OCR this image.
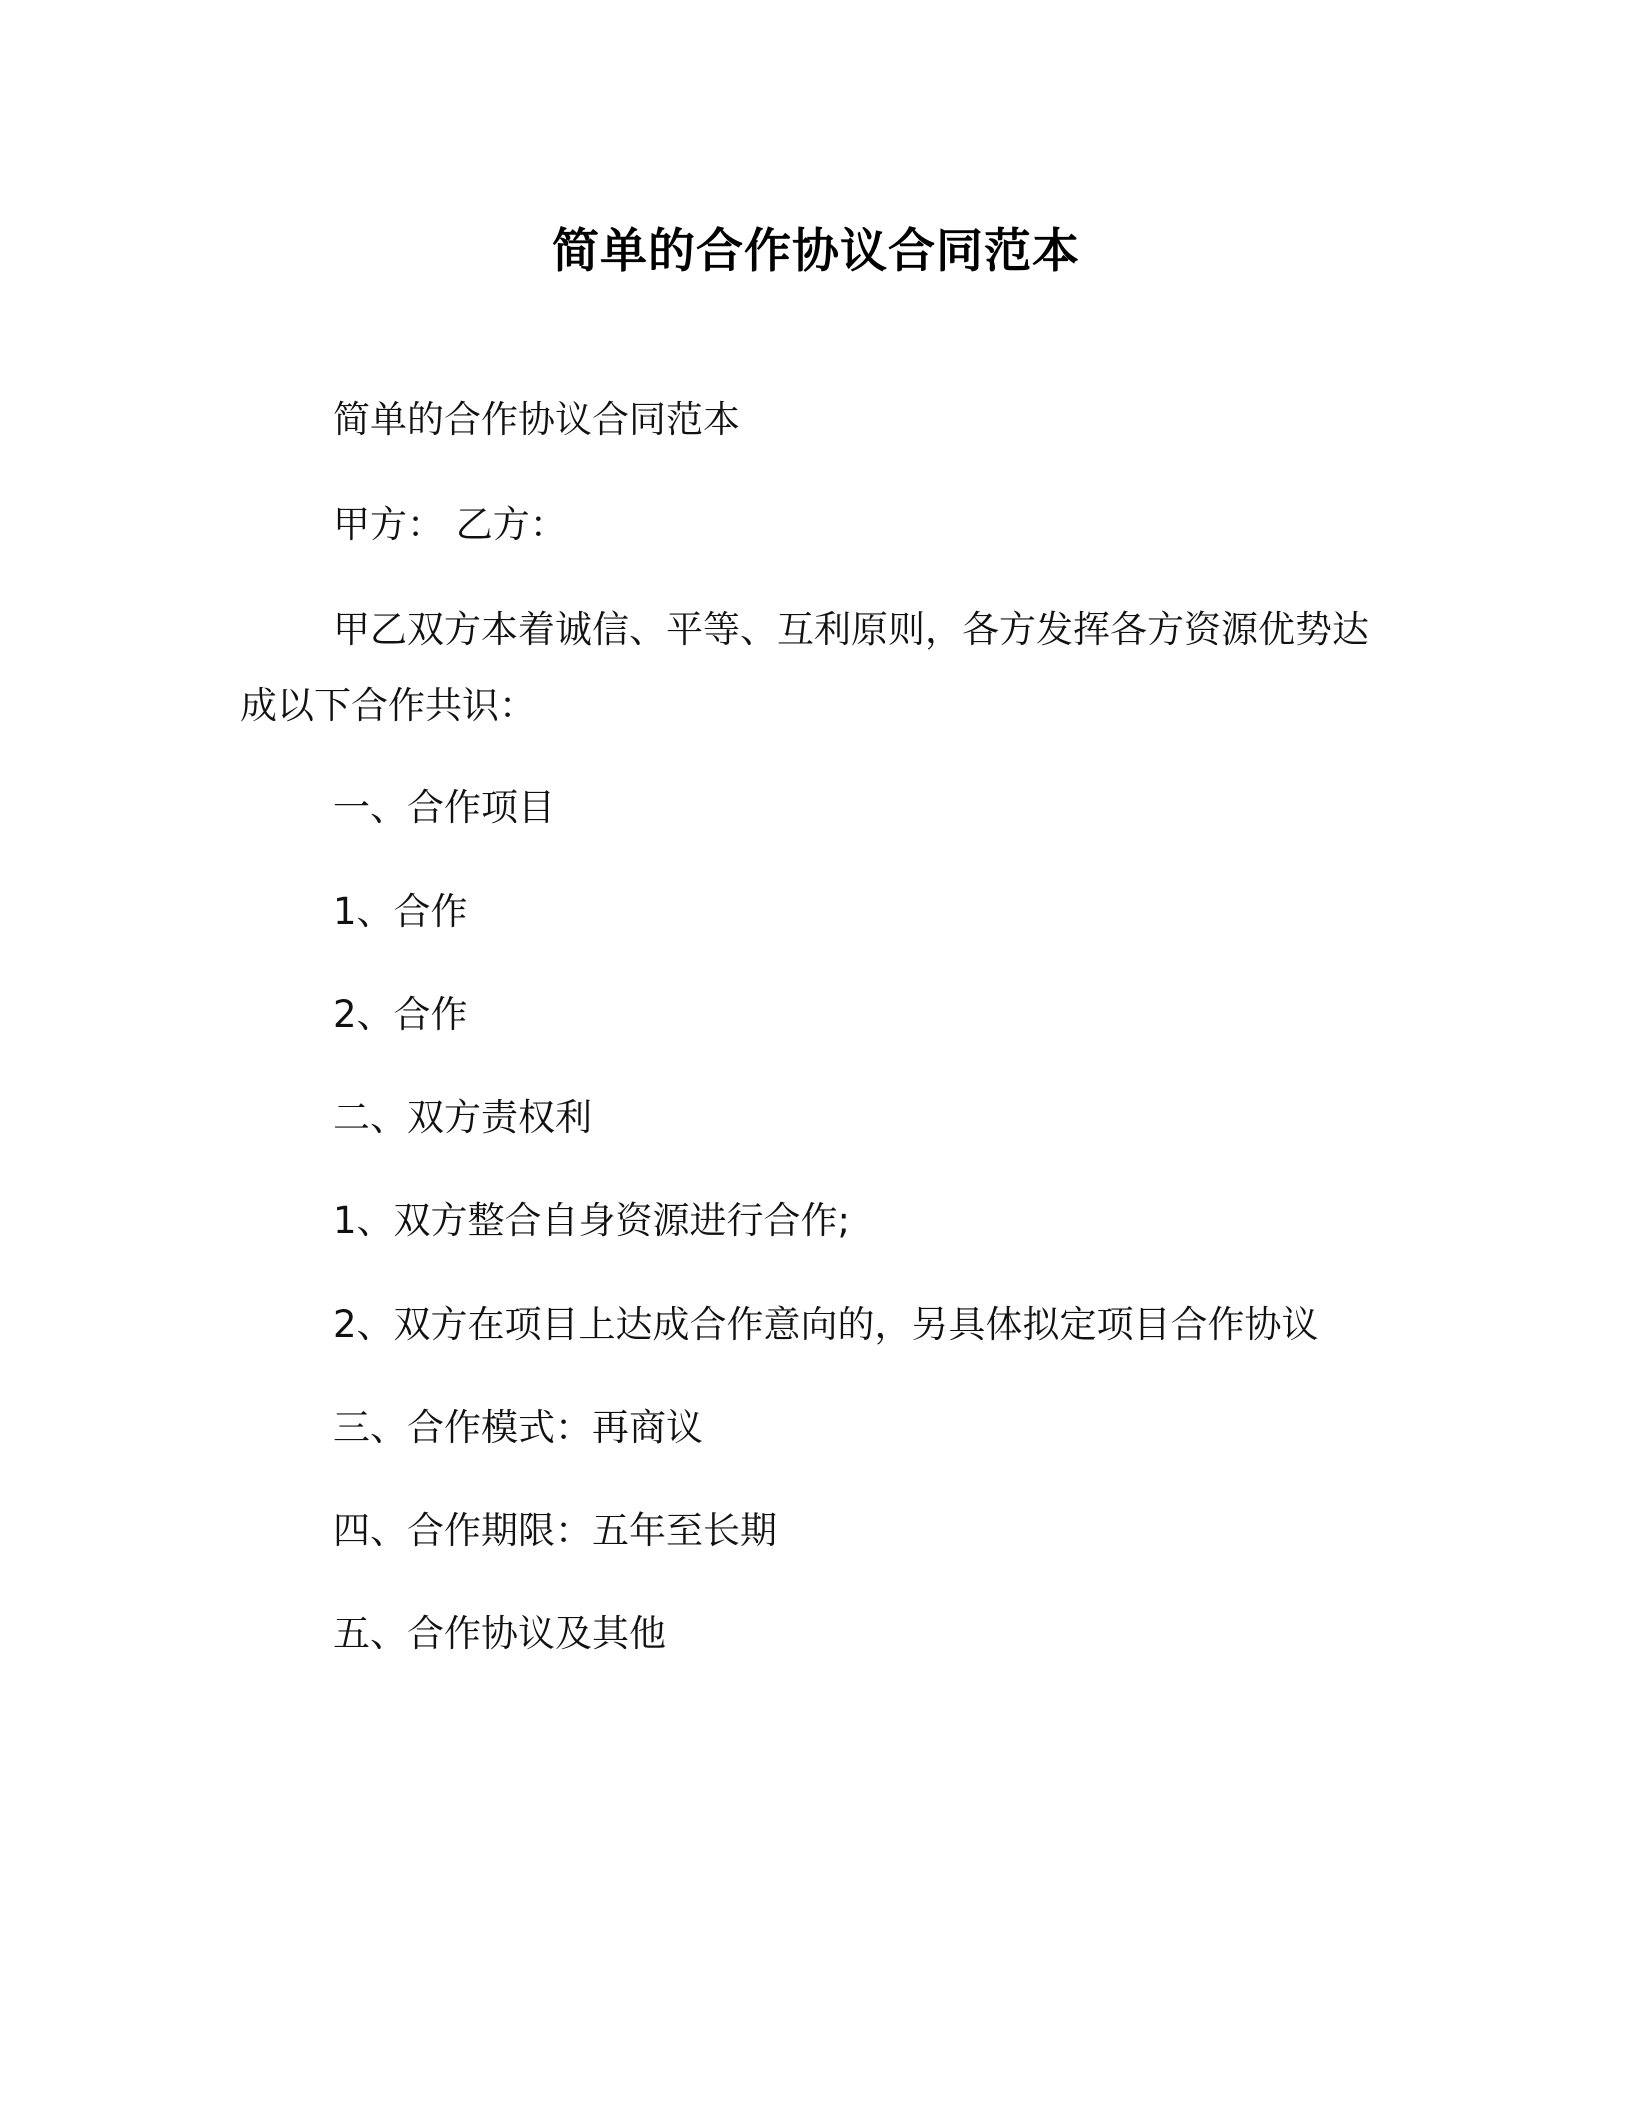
简单的合作协议合同范本
简单的合作协议合同范本
甲方： 乙方：
甲乙双方本着诚信、平等、互利原则，各方发挥各方资源优势达成以下合作共识：
一、合作项目
1、合作
2、合作
二、双方责权利
1、双方整合自身资源进行合作;
2、双方在项目上达成合作意向的，另具体拟定项目合作协议
三、合作模式：再商议
四、合作期限：五年至长期
五、合作协议及其他
